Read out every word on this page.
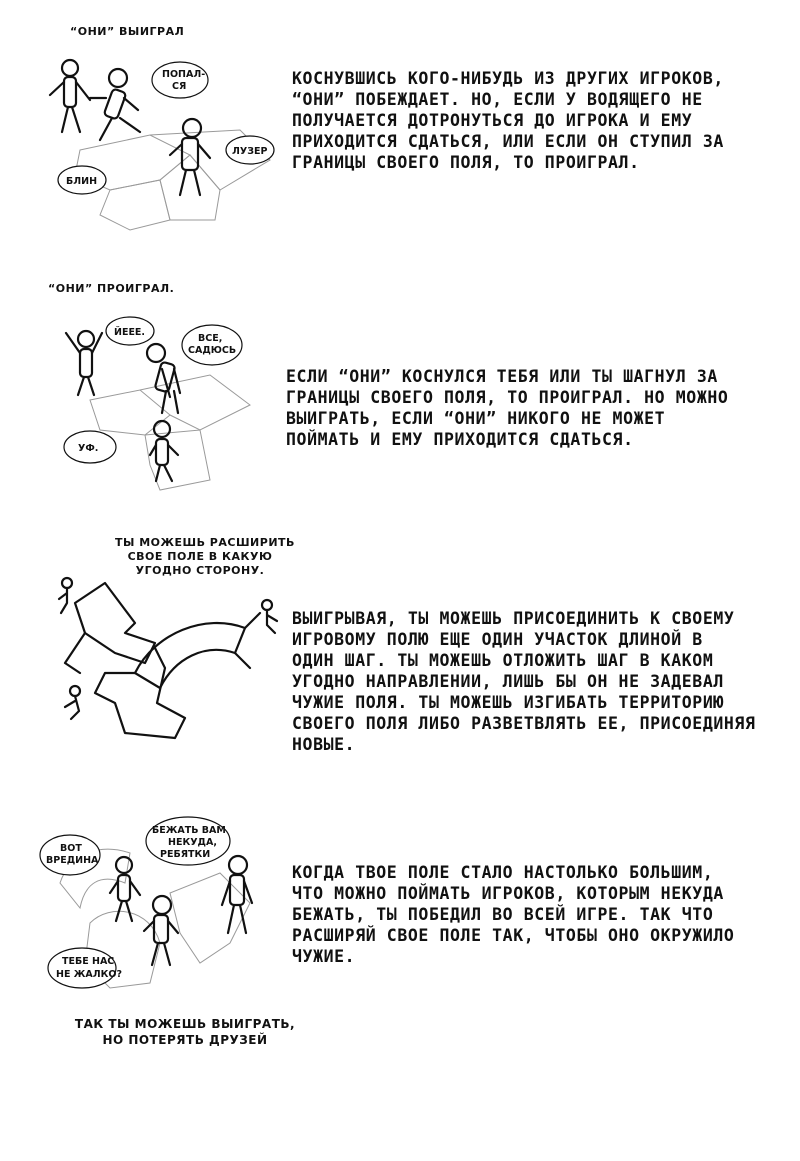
“ОНИ” ВЫИГРАЛ
ПОПАЛ-
СЯ
ЛУЗЕР
БЛИН
КОСНУВШИСЬ КОГО-НИБУДЬ ИЗ ДРУГИХ ИГРОКОВ,
“ОНИ” ПОБЕЖДАЕТ. НО, ЕСЛИ У ВОДЯЩЕГО НЕ
ПОЛУЧАЕТСЯ ДОТРОНУТЬСЯ ДО ИГРОКА И ЕМУ
ПРИХОДИТСЯ СДАТЬСЯ, ИЛИ ЕСЛИ ОН СТУПИЛ ЗА
ГРАНИЦЫ СВОЕГО ПОЛЯ, ТО ПРОИГРАЛ.
“ОНИ” ПРОИГРАЛ.
ЙЕЕЕ.
ВСЕ,
САДЮСЬ
УФ.
ЕСЛИ “ОНИ” КОСНУЛСЯ ТЕБЯ ИЛИ ТЫ ШАГНУЛ ЗА
ГРАНИЦЫ СВОЕГО ПОЛЯ, ТО ПРОИГРАЛ. НО МОЖНО
ВЫИГРАТЬ, ЕСЛИ “ОНИ” НИКОГО НЕ МОЖЕТ
ПОЙМАТЬ И ЕМУ ПРИХОДИТСЯ СДАТЬСЯ.
ТЫ МОЖЕШЬ РАСШИРИТЬ
СВОЕ ПОЛЕ В КАКУЮ
УГОДНО СТОРОНУ.
ВЫИГРЫВАЯ, ТЫ МОЖЕШЬ ПРИСОЕДИНИТЬ К СВОЕМУ
ИГРОВОМУ ПОЛЮ ЕЩЕ ОДИН УЧАСТОК ДЛИНОЙ В
ОДИН ШАГ. ТЫ МОЖЕШЬ ОТЛОЖИТЬ ШАГ В КАКОМ
УГОДНО НАПРАВЛЕНИИ, ЛИШЬ БЫ ОН НЕ ЗАДЕВАЛ
ЧУЖИЕ ПОЛЯ. ТЫ МОЖЕШЬ ИЗГИБАТЬ ТЕРРИТОРИЮ
СВОЕГО ПОЛЯ ЛИБО РАЗВЕТВЛЯТЬ ЕЕ, ПРИСОЕДИНЯЯ
НОВЫЕ.
ВОТ
ВРЕДИНА
БЕЖАТЬ ВАМ
НЕКУДА,
РЕБЯТКИ
ТЕБЕ НАС
НЕ ЖАЛКО?
КОГДА ТВОЕ ПОЛЕ СТАЛО НАСТОЛЬКО БОЛЬШИМ,
ЧТО МОЖНО ПОЙМАТЬ ИГРОКОВ, КОТОРЫМ НЕКУДА
БЕЖАТЬ, ТЫ ПОБЕДИЛ ВО ВСЕЙ ИГРЕ. ТАК ЧТО
РАСШИРЯЙ СВОЕ ПОЛЕ ТАК, ЧТОБЫ ОНО ОКРУЖИЛО
ЧУЖИЕ.
ТАК ТЫ МОЖЕШЬ ВЫИГРАТЬ,
НО ПОТЕРЯТЬ ДРУЗЕЙ
